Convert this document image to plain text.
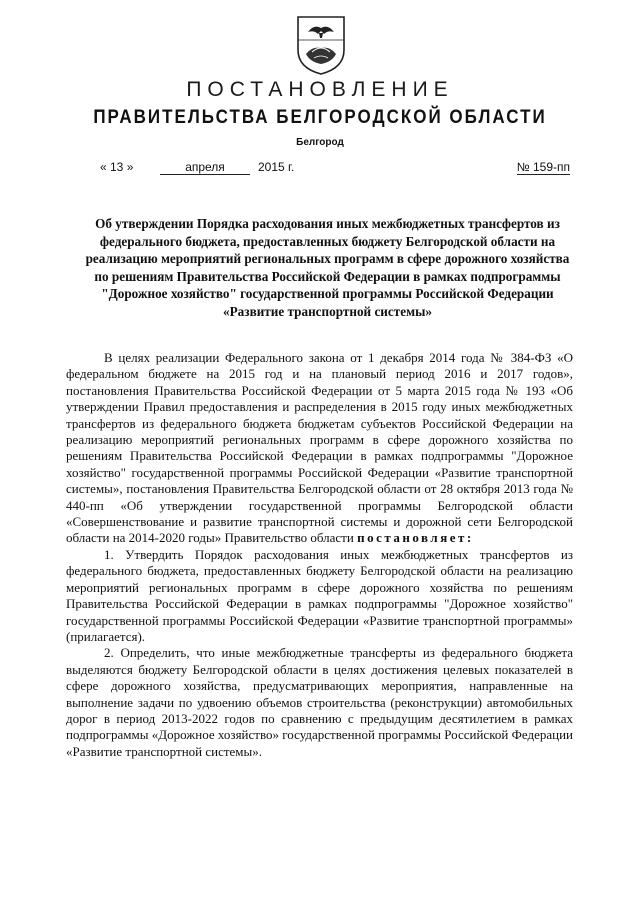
ПОСТАНОВЛЕНИЕ
ПРАВИТЕЛЬСТВА БЕЛГОРОДСКОЙ ОБЛАСТИ
Белгород
« 13 »	апреля	2015 г.	№ 159-пп
Об утверждении Порядка расходования иных межбюджетных трансфертов из федерального бюджета, предоставленных бюджету Белгородской области на реализацию мероприятий региональных программ в сфере дорожного хозяйства по решениям Правительства Российской Федерации в рамках подпрограммы "Дорожное хозяйство" государственной программы Российской Федерации «Развитие транспортной системы»

В целях реализации Федерального закона от 1 декабря 2014 года № 384-ФЗ «О федеральном бюджете на 2015 год и на плановый период 2016 и 2017 годов», постановления Правительства Российской Федерации от 5 марта 2015 года № 193 «Об утверждении Правил предоставления и распределения в 2015 году иных межбюджетных трансфертов из федерального бюджета бюджетам субъектов Российской Федерации на реализацию мероприятий региональных программ в сфере дорожного хозяйства по решениям Правительства Российской Федерации в рамках подпрограммы "Дорожное хозяйство" государственной программы Российской Федерации «Развитие транспортной системы», постановления Правительства Белгородской области от 28 октября 2013 года № 440-пп «Об утверждении государственной программы Белгородской области «Совершенствование и развитие транспортной системы и дорожной сети Белгородской области на 2014-2020 годы» Правительство области постановляет:

1. Утвердить Порядок расходования иных межбюджетных трансфертов из федерального бюджета, предоставленных бюджету Белгородской области на реализацию мероприятий региональных программ в сфере дорожного хозяйства по решениям Правительства Российской Федерации в рамках подпрограммы "Дорожное хозяйство" государственной программы Российской Федерации «Развитие транспортной программы» (прилагается).

2. Определить, что иные межбюджетные трансферты из федерального бюджета выделяются бюджету Белгородской области в целях достижения целевых показателей в сфере дорожного хозяйства, предусматривающих мероприятия, направленные на выполнение задачи по удвоению объемов строительства (реконструкции) автомобильных дорог в период 2013-2022 годов по сравнению с предыдущим десятилетием в рамках подпрограммы «Дорожное хозяйство» государственной программы Российской Федерации «Развитие транспортной системы».
